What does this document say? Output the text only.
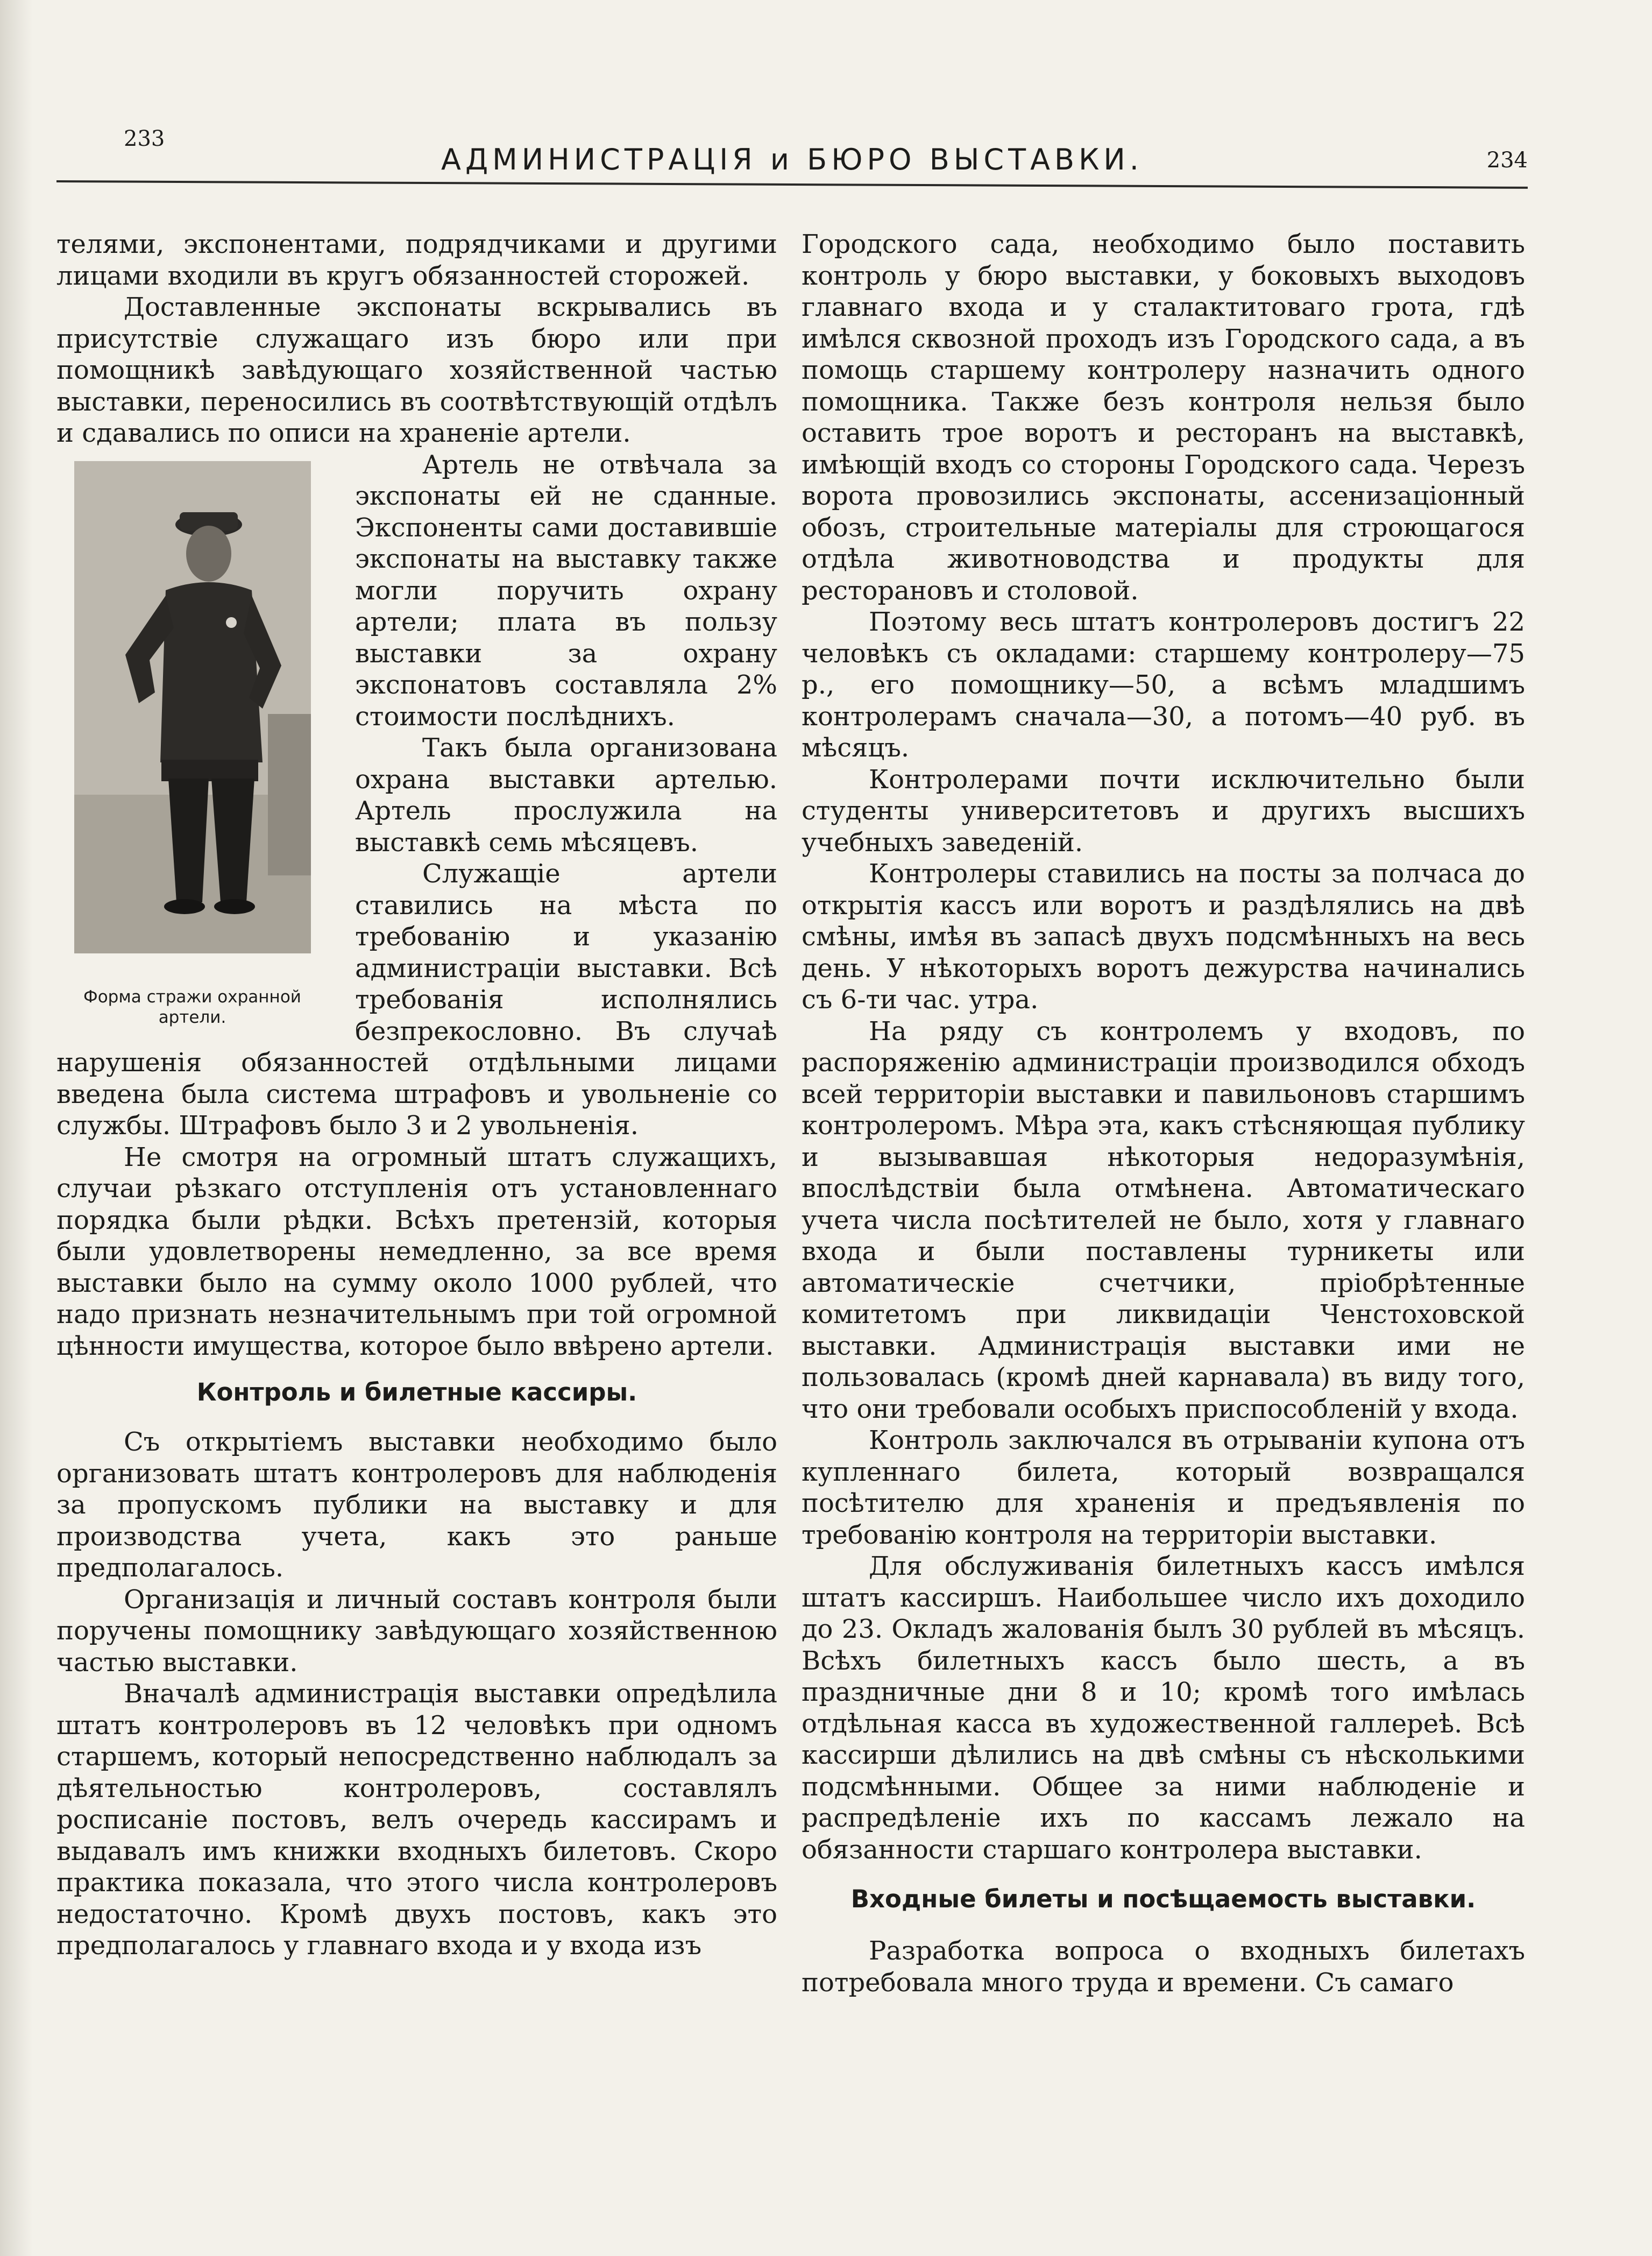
233
АДМИНИСТРАЦІЯ и БЮРО ВЫСТАВКИ.	234

телями, экспонентами, подрядчиками и другими лицами входили въ кругъ обязанностей сторожей.

Доставленные экспонаты вскрывались въ присутствіе служащаго изъ бюро или при помощникѣ завѣдующаго хозяйственной частью выставки, переносились въ соотвѣтствующій отдѣлъ и сдавались по описи на храненіе артели.

Форма стражи охранной артели.

Артель не отвѣчала за экспонаты ей не сданные. Экспоненты сами доставившіе экспонаты на выставку также могли поручить охрану артели; плата въ пользу выставки за охрану экспонатовъ составляла 2% стоимости послѣднихъ.

Такъ была организована охрана выставки артелью. Артель прослужила на выставкѣ семь мѣсяцевъ.

Служащіе артели ставились на мѣста по требованію и указанію администраціи выставки. Всѣ требованія исполнялись безпрекословно. Въ случаѣ нарушенія обязанностей отдѣльными лицами введена была система штрафовъ и увольненіе со службы. Штрафовъ было 3 и 2 увольненія.

Не смотря на огромный штатъ служащихъ, случаи рѣзкаго отступленія отъ установленнаго порядка были рѣдки. Всѣхъ претензій, которыя были удовлетворены немедленно, за все время выставки было на сумму около 1000 рублей, что надо признать незначительнымъ при той огромной цѣнности имущества, которое было ввѣрено артели.

Контроль и билетные кассиры.

Съ открытіемъ выставки необходимо было организовать штатъ контролеровъ для наблюденія за пропускомъ публики на выставку и для производства учета, какъ это раньше предполагалось.

Организація и личный составъ контроля были поручены помощнику завѣдующаго хозяйственною частью выставки.

Вначалѣ администрація выставки опредѣлила штатъ контролеровъ въ 12 человѣкъ при одномъ старшемъ, который непосредственно наблюдалъ за дѣятельностью контролеровъ, составлялъ росписаніе постовъ, велъ очередь кассирамъ и выдавалъ имъ книжки входныхъ билетовъ. Скоро практика показала, что этого числа контролеровъ недостаточно. Кромѣ двухъ постовъ, какъ это предполагалось у главнаго входа и у входа изъ

Городского сада, необходимо было поставить контроль у бюро выставки, у боковыхъ выходовъ главнаго входа и у сталактитоваго грота, гдѣ имѣлся сквозной проходъ изъ Городского сада, а въ помощь старшему контролеру назначить одного помощника. Также безъ контроля нельзя было оставить трое воротъ и ресторанъ на выставкѣ, имѣющій входъ со стороны Городского сада. Черезъ ворота провозились экспонаты, ассенизаціонный обозъ, строительные матеріалы для строющагося отдѣла животноводства и продукты для ресторановъ и столовой.

Поэтому весь штатъ контролеровъ достигъ 22 человѣкъ съ окладами: старшему контролеру—75 р., его помощнику—50, а всѣмъ младшимъ контролерамъ сначала—30, а потомъ—40 руб. въ мѣсяцъ.

Контролерами почти исключительно были студенты университетовъ и другихъ высшихъ учебныхъ заведеній.

Контролеры ставились на посты за полчаса до открытія кассъ или воротъ и раздѣлялись на двѣ смѣны, имѣя въ запасѣ двухъ подсмѣнныхъ на весь день. У нѣкоторыхъ воротъ дежурства начинались съ 6-ти час. утра.

На ряду съ контролемъ у входовъ, по распоряженію администраціи производился обходъ всей территоріи выставки и павильоновъ старшимъ контролеромъ. Мѣра эта, какъ стѣсняющая публику и вызывавшая нѣкоторыя недоразумѣнія, впослѣдствіи была отмѣнена. Автоматическаго учета числа посѣтителей не было, хотя у главнаго входа и были поставлены турникеты или автоматическіе счетчики, пріобрѣтенные комитетомъ при ликвидаціи Ченстоховской выставки. Администрація выставки ими не пользовалась (кромѣ дней карнавала) въ виду того, что они требовали особыхъ приспособленій у входа.

Контроль заключался въ отрываніи купона отъ купленнаго билета, который возвращался посѣтителю для храненія и предъявленія по требованію контроля на территоріи выставки.

Для обслуживанія билетныхъ кассъ имѣлся штатъ кассиршъ. Наибольшее число ихъ доходило до 23. Окладъ жалованія былъ 30 рублей въ мѣсяцъ. Всѣхъ билетныхъ кассъ было шесть, а въ праздничные дни 8 и 10; кромѣ того имѣлась отдѣльная касса въ художественной галлереѣ. Всѣ кассирши дѣлились на двѣ смѣны съ нѣсколькими подсмѣнными. Общее за ними наблюденіе и распредѣленіе ихъ по кассамъ лежало на обязанности старшаго контролера выставки.

Входные билеты и посѣщаемость выставки.

Разработка вопроса о входныхъ билетахъ потребовала много труда и времени. Съ самаго
